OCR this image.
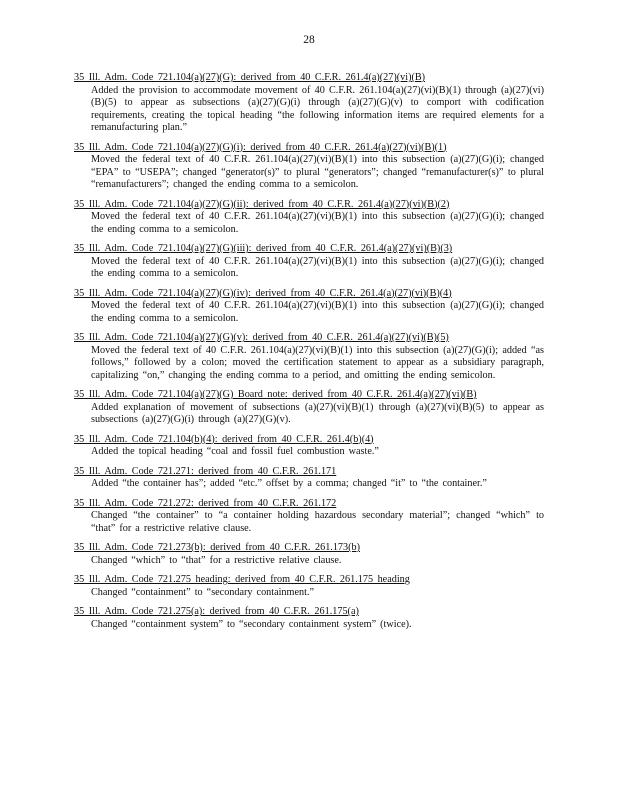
28
35 Ill. Adm. Code 721.104(a)(27)(G): derived from 40 C.F.R. 261.4(a)(27)(vi)(B)
Added the provision to accommodate movement of 40 C.F.R. 261.104(a)(27)(vi)(B)(1) through (a)(27)(vi)(B)(5) to appear as subsections (a)(27)(G)(i) through (a)(27)(G)(v) to comport with codification requirements, creating the topical heading “the following information items are required elements for a remanufacturing plan.”
35 Ill. Adm. Code 721.104(a)(27)(G)(i): derived from 40 C.F.R. 261.4(a)(27)(vi)(B)(1)
Moved the federal text of 40 C.F.R. 261.104(a)(27)(vi)(B)(1) into this subsection (a)(27)(G)(i); changed “EPA” to “USEPA”; changed “generator(s)” to plural “generators”; changed “remanufacturer(s)” to plural “remanufacturers”; changed the ending comma to a semicolon.
35 Ill. Adm. Code 721.104(a)(27)(G)(ii): derived from 40 C.F.R. 261.4(a)(27)(vi)(B)(2)
Moved the federal text of 40 C.F.R. 261.104(a)(27)(vi)(B)(1) into this subsection (a)(27)(G)(i); changed the ending comma to a semicolon.
35 Ill. Adm. Code 721.104(a)(27)(G)(iii): derived from 40 C.F.R. 261.4(a)(27)(vi)(B)(3)
Moved the federal text of 40 C.F.R. 261.104(a)(27)(vi)(B)(1) into this subsection (a)(27)(G)(i); changed the ending comma to a semicolon.
35 Ill. Adm. Code 721.104(a)(27)(G)(iv): derived from 40 C.F.R. 261.4(a)(27)(vi)(B)(4)
Moved the federal text of 40 C.F.R. 261.104(a)(27)(vi)(B)(1) into this subsection (a)(27)(G)(i); changed the ending comma to a semicolon.
35 Ill. Adm. Code 721.104(a)(27)(G)(v): derived from 40 C.F.R. 261.4(a)(27)(vi)(B)(5)
Moved the federal text of 40 C.F.R. 261.104(a)(27)(vi)(B)(1) into this subsection (a)(27)(G)(i); added “as follows,” followed by a colon; moved the certification statement to appear as a subsidiary paragraph, capitalizing “on,” changing the ending comma to a period, and omitting the ending semicolon.
35 Ill. Adm. Code 721.104(a)(27)(G) Board note: derived from 40 C.F.R. 261.4(a)(27)(vi)(B)
Added explanation of movement of subsections (a)(27)(vi)(B)(1) through (a)(27)(vi)(B)(5) to appear as subsections (a)(27)(G)(i) through (a)(27)(G)(v).
35 Ill. Adm. Code 721.104(b)(4): derived from 40 C.F.R. 261.4(b)(4)
Added the topical heading “coal and fossil fuel combustion waste.”
35 Ill. Adm. Code 721.271: derived from 40 C.F.R. 261.171
Added “the container has”; added “etc.” offset by a comma; changed “it” to “the container.”
35 Ill. Adm. Code 721.272: derived from 40 C.F.R. 261.172
Changed “the container” to “a container holding hazardous secondary material”; changed “which” to “that” for a restrictive relative clause.
35 Ill. Adm. Code 721.273(b): derived from 40 C.F.R. 261.173(b)
Changed “which” to “that” for a restrictive relative clause.
35 Ill. Adm. Code 721.275 heading: derived from 40 C.F.R. 261.175 heading
Changed “containment” to “secondary containment.”
35 Ill. Adm. Code 721.275(a): derived from 40 C.F.R. 261.175(a)
Changed “containment system” to “secondary containment system” (twice).
